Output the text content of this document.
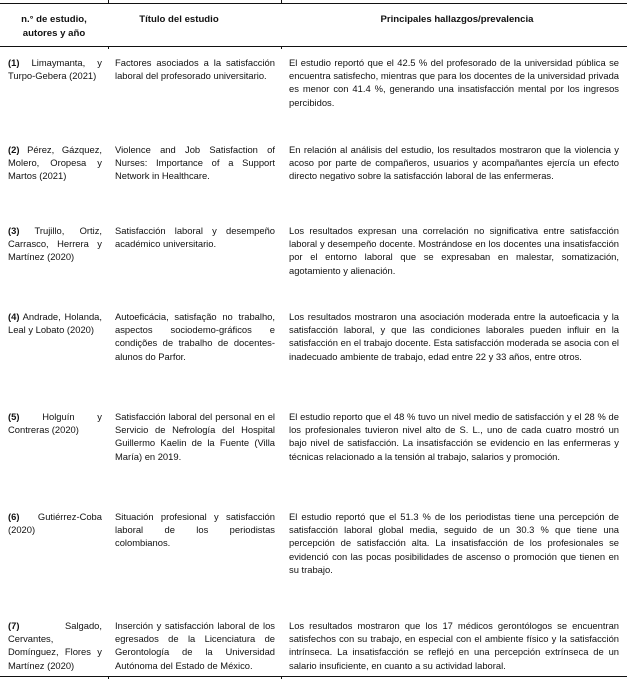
n.° de estudio,
autores y año
Título del estudio	Principales hallazgos/prevalencia
(1) Limaymanta, y Turpo-Gebera (2021)
Factores asociados a la satisfacción laboral del profesorado universitario.
El estudio reportó que el 42.5 % del profesorado de la universidad pública se encuentra satisfecho, mientras que para los docentes de la universidad privada es menor con 41.4 %, generando una insatisfacción mental por los ingresos percibidos.
(2) Pérez, Gázquez, Molero, Oropesa y Martos (2021)
Violence and Job Satisfaction of Nurses: Importance of a Support Network in Healthcare.
En relación al análisis del estudio, los resultados mostraron que la violencia y acoso por parte de compañeros, usuarios y acompañantes ejercía un efecto directo negativo sobre la satisfacción laboral de las enfermeras.
(3) Trujillo, Ortiz, Carrasco, Herrera y Martínez (2020)
Satisfacción laboral y desempeño académico universitario.
Los resultados expresan una correlación no significativa entre satisfacción laboral y desempeño docente. Mostrándose en los docentes una insatisfacción por el entorno laboral que se expresaban en malestar, somatización, agotamiento y alienación.
(4) Andrade, Holanda, Leal y Lobato (2020)
Autoeficácia, satisfação no trabalho, aspectos sociodemo-gráficos e condições de trabalho de docentes-alunos do Parfor.
Los resultados mostraron una asociación moderada entre la autoeficacia y la satisfacción laboral, y que las condiciones laborales pueden influir en la satisfacción en el trabajo docente. Esta satisfacción moderada se asocia con el inadecuado ambiente de trabajo, edad entre 22 y 33 años, entre otros.
(5) Holguín y Contreras (2020)
Satisfacción laboral del personal en el Servicio de Nefrología del Hospital Guillermo Kaelin de la Fuente (Villa María) en 2019.
El estudio reporto que el 48 % tuvo un nivel medio de satisfacción y el 28 % de los profesionales tuvieron nivel alto de S. L., uno de cada cuatro mostró un bajo nivel de satisfacción. La insatisfacción se evidencio en las enfermeras y técnicas relacionado a la tensión al trabajo, salarios y promoción.
(6) Gutiérrez-Coba (2020)
Situación profesional y satisfacción laboral de los periodistas colombianos.
El estudio reportó que el 51.3 % de los periodistas tiene una percepción de satisfacción laboral global media, seguido de un 30.3 % que tiene una percepción de satisfacción alta. La insatisfacción de los profesionales se evidenció con las pocas posibilidades de ascenso o promoción que tienen en su trabajo.
(7) Salgado, Cervantes, Domínguez, Flores y Martínez (2020)
Inserción y satisfacción laboral de los egresados de la Licenciatura de Gerontología de la Universidad Autónoma del Estado de México.
Los resultados mostraron que los 17 médicos gerontólogos se encuentran satisfechos con su trabajo, en especial con el ambiente físico y la satisfacción intrínseca. La insatisfacción se reflejó en una percepción extrínseca de un salario insuficiente, en cuanto a su actividad laboral.
